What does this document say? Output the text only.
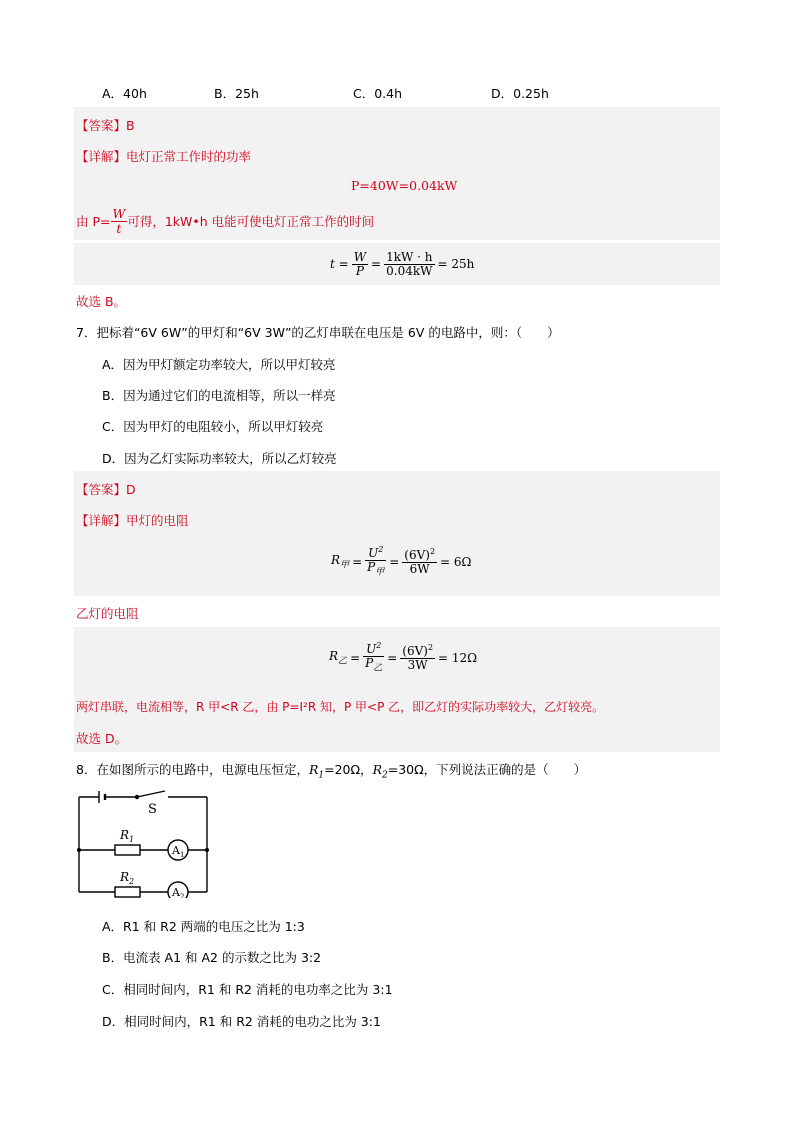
A．40h	B．25h	C．0.4h	D．0.25h
【答案】B
【详解】电灯正常工作时的功率
P=40W=0.04kW
由 $P= \frac{W}{t}$ 可得，1kW•h 电能可使电灯正常工作的时间
$t = \frac{W}{P} = \frac{1kW \cdot h}{0.04kW} = 25h$
故选 B。
7．把标着“6V 6W”的甲灯和“6V 3W”的乙灯串联在电压是 6V 的电路中，则：（　　）
A．因为甲灯额定功率较大，所以甲灯较亮
B．因为通过它们的电流相等，所以一样亮
C．因为甲灯的电阻较小，所以甲灯较亮
D．因为乙灯实际功率较大，所以乙灯较亮
【答案】D
【详解】甲灯的电阻
$R_甲 = \frac{U^2}{P_甲} = \frac{(6V)^2}{6W} = 6\Omega$
乙灯的电阻
$R_乙 = \frac{U^2}{P_乙} = \frac{(6V)^2}{3W} = 12\Omega$
两灯串联，电流相等，R 甲<R 乙，由 P=I²R 知，P 甲<P 乙，即乙灯的实际功率较大，乙灯较亮。
故选 D。
8．在如图所示的电路中，电源电压恒定，$R_1=20\Omega$，$R_2=30\Omega$，下列说法正确的是（　　）
S
$R_1$
$R_2$
$A_1$
$A_2$
A．R1 和 R2 两端的电压之比为 1:3
B．电流表 A1 和 A2 的示数之比为 3:2
C．相同时间内，R1 和 R2 消耗的电功率之比为 3:1
D．相同时间内，R1 和 R2 消耗的电功之比为 3:1
